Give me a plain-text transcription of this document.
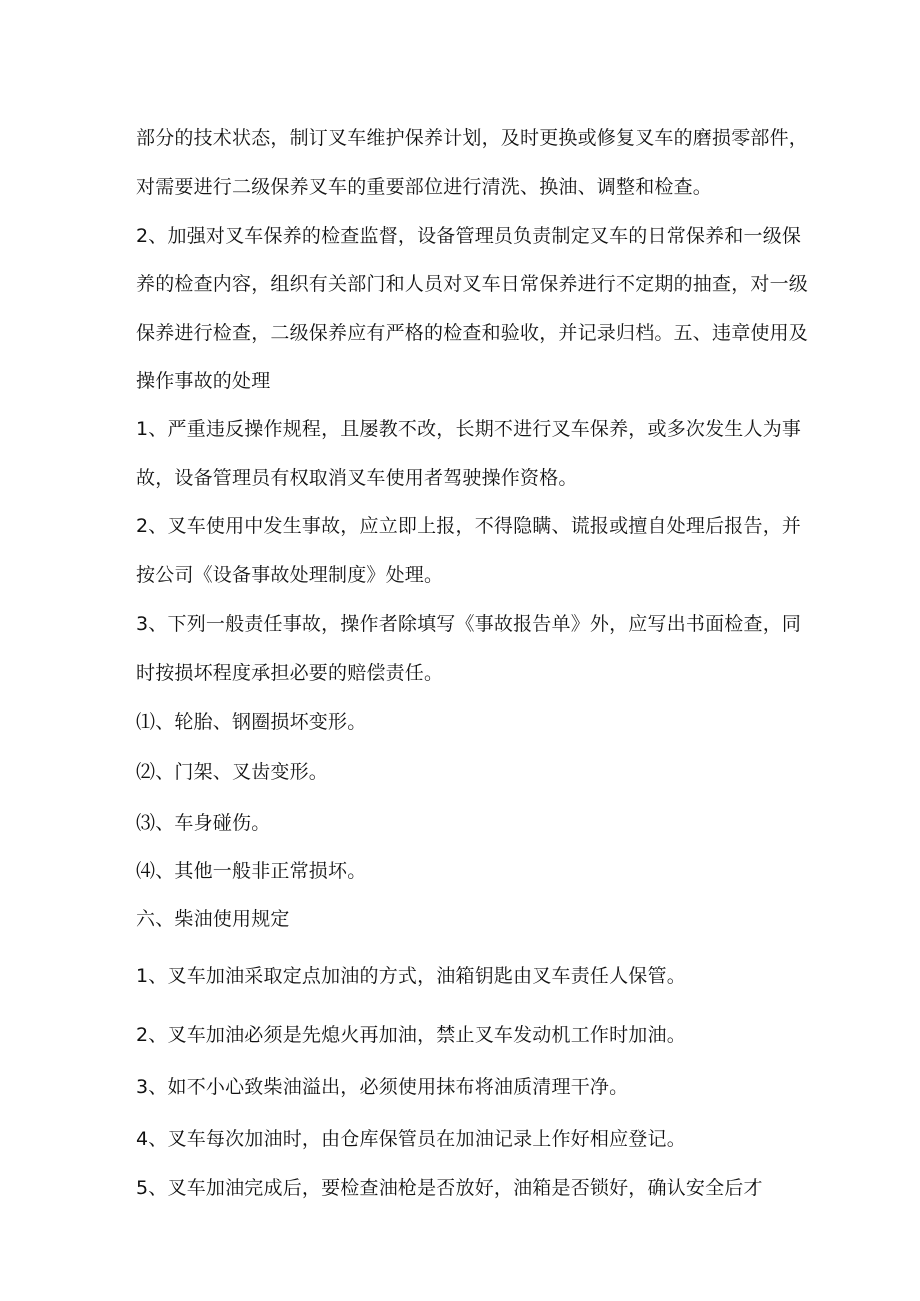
部分的技术状态，制订叉车维护保养计划，及时更换或修复叉车的磨损零部件，
对需要进行二级保养叉车的重要部位进行清洗、换油、调整和检查。
2、加强对叉车保养的检查监督，设备管理员负责制定叉车的日常保养和一级保
养的检查内容，组织有关部门和人员对叉车日常保养进行不定期的抽查，对一级
保养进行检查，二级保养应有严格的检查和验收，并记录归档。五、违章使用及
操作事故的处理
1、严重违反操作规程，且屡教不改，长期不进行叉车保养，或多次发生人为事
故，设备管理员有权取消叉车使用者驾驶操作资格。
2、叉车使用中发生事故，应立即上报，不得隐瞒、谎报或擅自处理后报告，并
按公司《设备事故处理制度》处理。
3、下列一般责任事故，操作者除填写《事故报告单》外，应写出书面检查，同
时按损坏程度承担必要的赔偿责任。
⑴、轮胎、钢圈损坏变形。
⑵、门架、叉齿变形。
⑶、车身碰伤。
⑷、其他一般非正常损坏。
六、柴油使用规定
1、叉车加油采取定点加油的方式，油箱钥匙由叉车责任人保管。
2、叉车加油必须是先熄火再加油，禁止叉车发动机工作时加油。
3、如不小心致柴油溢出，必须使用抹布将油质清理干净。
4、叉车每次加油时，由仓库保管员在加油记录上作好相应登记。
5、叉车加油完成后，要检查油枪是否放好，油箱是否锁好，确认安全后才
